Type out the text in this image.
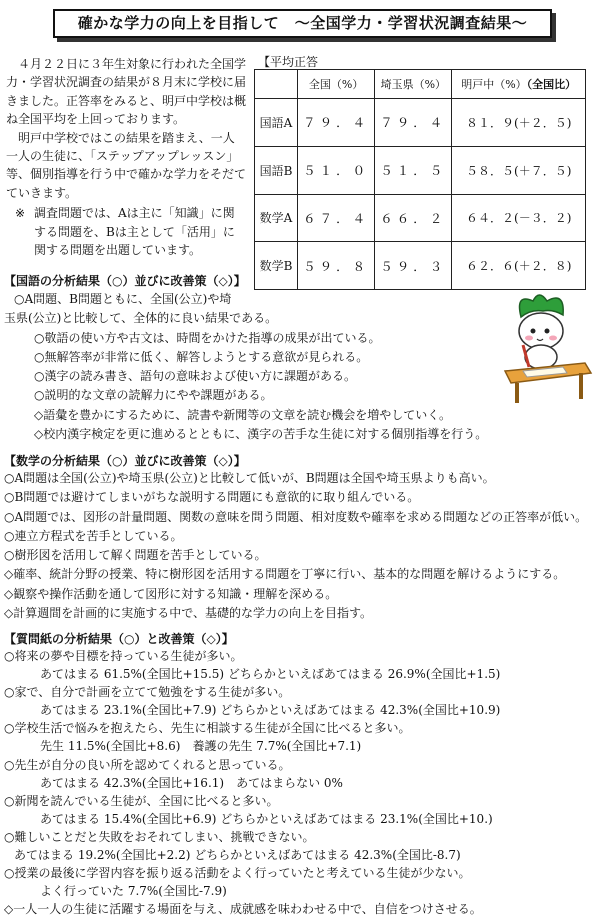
確かな学力の向上を目指して　～全国学力・学習状況調査結果～

４月２２日に３年生対象に行われた全国学力・学習状況調査の結果が８月末に学校に届きました。正答率をみると、明戸中学校は概ね全国平均を上回っております。

明戸中学校ではこの結果を踏まえ、一人一人の生徒に、「ステップアップレッスン」等、個別指導を行う中で確かな学力をそだてていきます。

※ 調査問題では、Aは主に「知識」に関する問題を、Bは主として「活用」に関する問題を出題しています。
【平均正答
	全国（%）	埼玉県（%）	明戸中（%）（全国比）
国語A	７９．４	７９．４	８１．９(＋２．５)
国語B	５１．０	５１．５	５８．５(＋７．５)
数学A	６７．４	６６．２	６４．２(－３．２)
数学B	５９．８	５９．３	６２．６(＋２．８)
【国語の分析結果（○）並びに改善策（◇）】
○A問題、B問題ともに、全国(公立)や埼
玉県(公立)と比較して、全体的に良い結果である。
○敬語の使い方や古文は、時間をかけた指導の成果が出ている。
○無解答率が非常に低く、解答しようとする意欲が見られる。
○漢字の読み書き、語句の意味および使い方に課題がある。
○説明的な文章の読解力にやや課題がある。
◇語彙を豊かにするために、読書や新聞等の文章を読む機会を増やしていく。
◇校内漢字検定を更に進めるとともに、漢字の苦手な生徒に対する個別指導を行う。
【数学の分析結果（○）並びに改善策（◇）】
○A問題は全国(公立)や埼玉県(公立)と比較して低いが、B問題は全国や埼玉県よりも高い。
○B問題では避けてしまいがちな説明する問題にも意欲的に取り組んでいる。
○A問題では、図形の計量問題、関数の意味を問う問題、相対度数や確率を求める問題などの正答率が低い。
○連立方程式を苦手としている。
○樹形図を活用して解く問題を苦手としている。
◇確率、統計分野の授業、特に樹形図を活用する問題を丁寧に行い、基本的な問題を解けるようにする。
◇観察や操作活動を通して図形に対する知識・理解を深める。
◇計算週間を計画的に実施する中で、基礎的な学力の向上を目指す。
【質問紙の分析結果（○）と改善策（◇）】
○将来の夢や目標を持っている生徒が多い。
あてはまる 61.5%(全国比+15.5) どちらかといえばあてはまる 26.9%(全国比+1.5)
○家で、自分で計画を立てて勉強をする生徒が多い。
あてはまる 23.1%(全国比+7.9) どちらかといえばあてはまる 42.3%(全国比+10.9)
○学校生活で悩みを抱えたら、先生に相談する生徒が全国に比べると多い。
先生 11.5%(全国比+8.6)　養護の先生 7.7%(全国比+7.1)
○先生が自分の良い所を認めてくれると思っている。
あてはまる 42.3%(全国比+16.1)　あてはまらない 0%
○新聞を読んでいる生徒が、全国に比べると多い。
あてはまる 15.4%(全国比+6.9) どちらかといえばあてはまる 23.1%(全国比+10.)
○難しいことだと失敗をおそれてしまい、挑戦できない。
あてはまる 19.2%(全国比+2.2) どちらかといえばあてはまる 42.3%(全国比-8.7)
○授業の最後に学習内容を振り返る活動をよく行っていたと考えている生徒が少ない。
よく行っていた 7.7%(全国比-7.9)
◇一人一人の生徒に活躍する場面を与え、成就感を味わわせる中で、自信をつけさせる。
